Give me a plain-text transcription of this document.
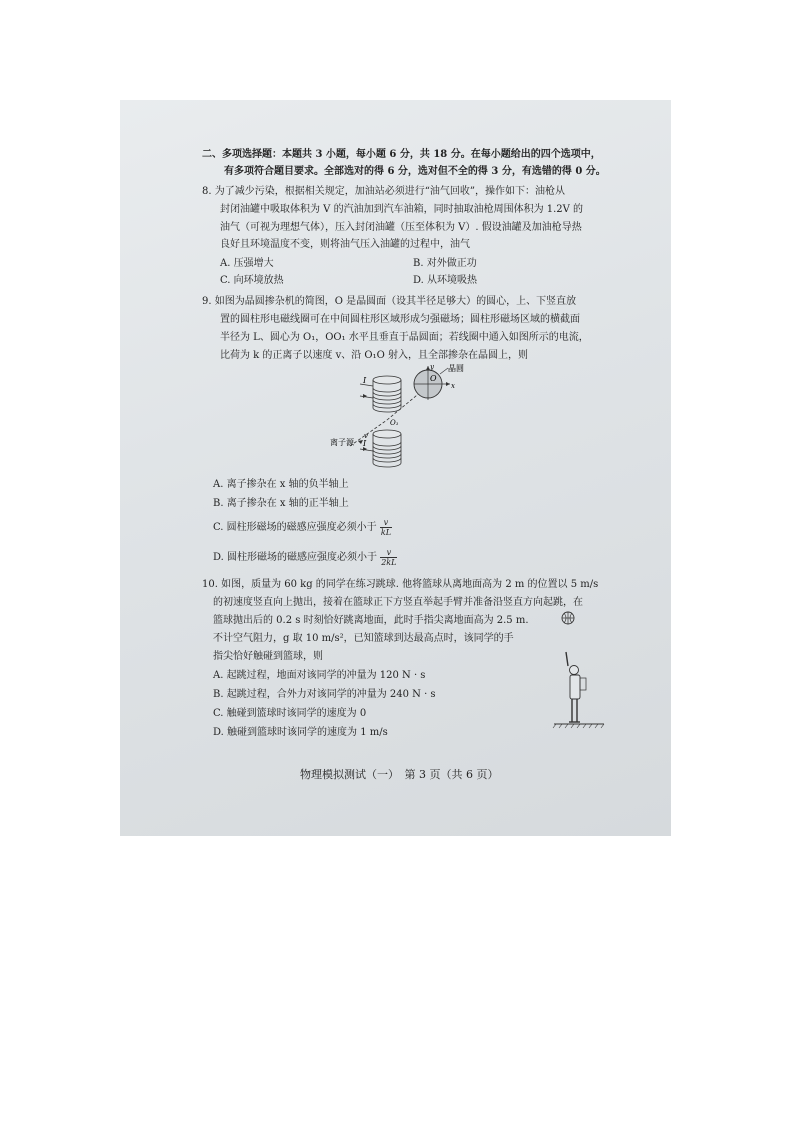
二、多项选择题：本题共 3 小题，每小题 6 分，共 18 分。在每小题给出的四个选项中，
有多项符合题目要求。全部选对的得 6 分，选对但不全的得 3 分，有选错的得 0 分。
8. 为了减少污染，根据相关规定，加油站必须进行“油气回收”，操作如下：油枪从
封闭油罐中吸取体积为 V 的汽油加到汽车油箱，同时抽取油枪周围体积为 1.2V 的
油气（可视为理想气体），压入封闭油罐（压至体积为 V）. 假设油罐及加油枪导热
良好且环境温度不变，则将油气压入油罐的过程中，油气
A. 压强增大	B. 对外做正功
C. 向环境放热	D. 从环境吸热
9. 如图为晶圆掺杂机的简图，O 是晶圆面（设其半径足够大）的圆心，上、下竖直放
置的圆柱形电磁线圈可在中间圆柱形区域形成匀强磁场；圆柱形磁场区域的横截面
半径为 L、圆心为 O₁，OO₁ 水平且垂直于晶圆面；若线圈中通入如图所示的电流，
比荷为 k 的正离子以速度 v、沿 O₁O 射入，且全部掺杂在晶圆上，则
I
I
O
O₁
x
y 晶圆
离子源
v
A. 离子掺杂在 x 轴的负半轴上
B. 离子掺杂在 x 轴的正半轴上
C. 圆柱形磁场的磁感应强度必须小于 $\frac{v}{kL}$
D. 圆柱形磁场的磁感应强度必须小于 $\frac{v}{2kL}$
10. 如图，质量为 60 kg 的同学在练习跳球. 他将篮球从离地面高为 2 m 的位置以 5 m/s
的初速度竖直向上抛出，接着在篮球正下方竖直举起手臂并准备沿竖直方向起跳，在
篮球抛出后的 0.2 s 时刻恰好跳离地面，此时手指尖离地面高为 2.5 m.
不计空气阻力，g 取 10 m/s²，已知篮球到达最高点时，该同学的手
指尖恰好触碰到篮球，则
A. 起跳过程，地面对该同学的冲量为 120 N · s
B. 起跳过程，合外力对该同学的冲量为 240 N · s
C. 触碰到篮球时该同学的速度为 0
D. 触碰到篮球时该同学的速度为 1 m/s
物理模拟测试（一）　第 3 页（共 6 页）
